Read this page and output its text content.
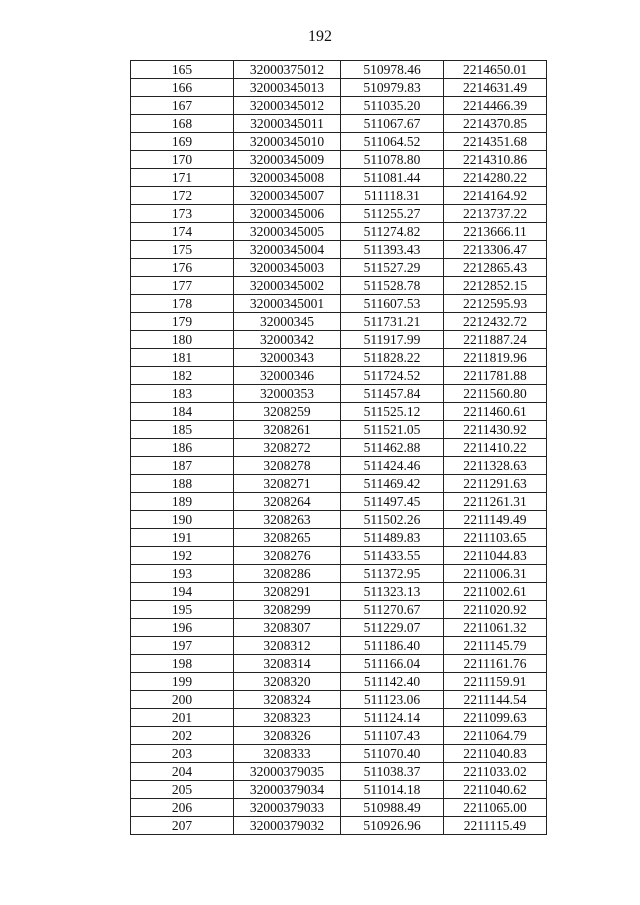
192
165	32000375012	510978.46	2214650.01
166	32000345013	510979.83	2214631.49
167	32000345012	511035.20	2214466.39
168	32000345011	511067.67	2214370.85
169	32000345010	511064.52	2214351.68
170	32000345009	511078.80	2214310.86
171	32000345008	511081.44	2214280.22
172	32000345007	511118.31	2214164.92
173	32000345006	511255.27	2213737.22
174	32000345005	511274.82	2213666.11
175	32000345004	511393.43	2213306.47
176	32000345003	511527.29	2212865.43
177	32000345002	511528.78	2212852.15
178	32000345001	511607.53	2212595.93
179	32000345	511731.21	2212432.72
180	32000342	511917.99	2211887.24
181	32000343	511828.22	2211819.96
182	32000346	511724.52	2211781.88
183	32000353	511457.84	2211560.80
184	3208259	511525.12	2211460.61
185	3208261	511521.05	2211430.92
186	3208272	511462.88	2211410.22
187	3208278	511424.46	2211328.63
188	3208271	511469.42	2211291.63
189	3208264	511497.45	2211261.31
190	3208263	511502.26	2211149.49
191	3208265	511489.83	2211103.65
192	3208276	511433.55	2211044.83
193	3208286	511372.95	2211006.31
194	3208291	511323.13	2211002.61
195	3208299	511270.67	2211020.92
196	3208307	511229.07	2211061.32
197	3208312	511186.40	2211145.79
198	3208314	511166.04	2211161.76
199	3208320	511142.40	2211159.91
200	3208324	511123.06	2211144.54
201	3208323	511124.14	2211099.63
202	3208326	511107.43	2211064.79
203	3208333	511070.40	2211040.83
204	32000379035	511038.37	2211033.02
205	32000379034	511014.18	2211040.62
206	32000379033	510988.49	2211065.00
207	32000379032	510926.96	2211115.49
